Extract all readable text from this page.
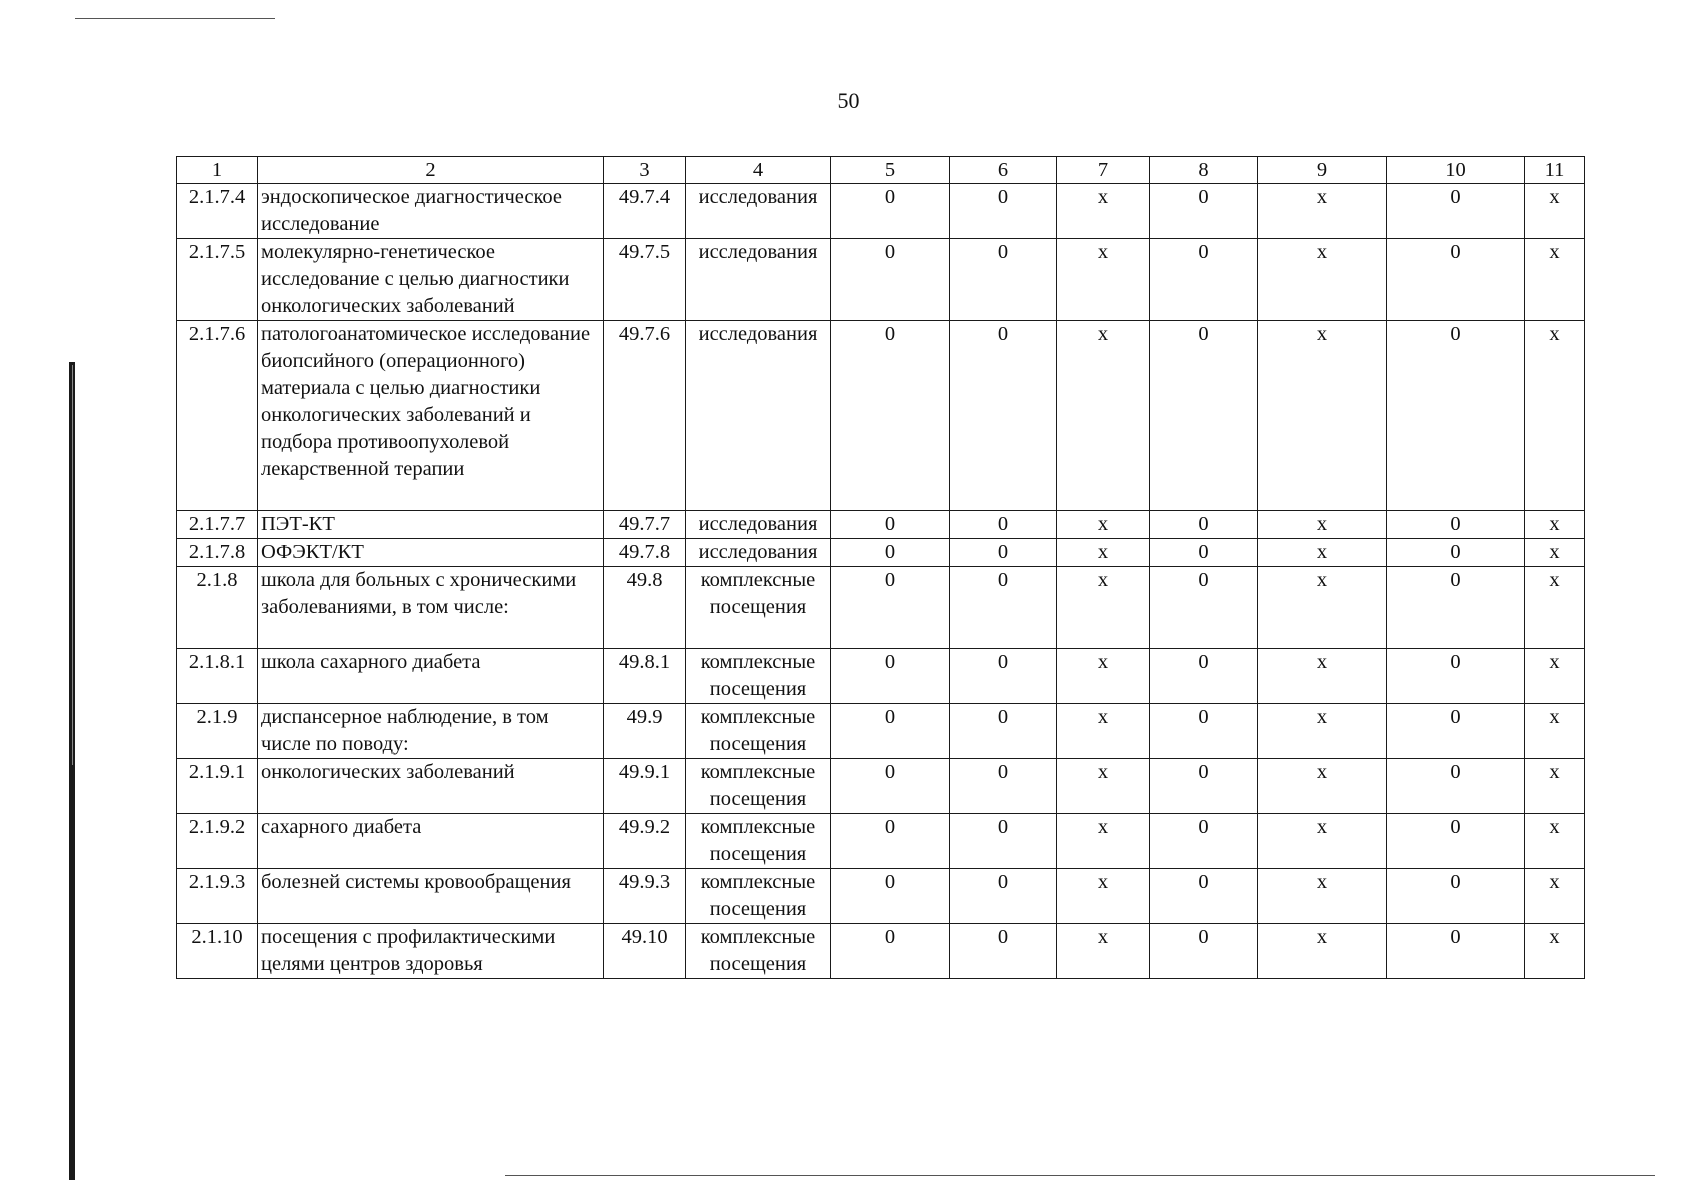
50
1	2	3	4	5	6	7	8	9	10	11
2.1.7.4	эндоскопическое диагностическое исследование	49.7.4	исследования	0	0	х	0	х	0	х
2.1.7.5	молекулярно-генетическое исследование с целью диагностики онкологических заболеваний	49.7.5	исследования	0	0	х	0	х	0	х
2.1.7.6	патологоанатомическое исследование биопсийного (операционного) материала с целью диагностики онкологических заболеваний и подбора противоопухолевой лекарственной терапии	49.7.6	исследования	0	0	х	0	х	0	х
2.1.7.7	ПЭТ-КТ	49.7.7	исследования	0	0	х	0	х	0	х
2.1.7.8	ОФЭКТ/КТ	49.7.8	исследования	0	0	х	0	х	0	х
2.1.8	школа для больных с хроническими заболеваниями, в том числе:	49.8	комплексные посещения	0	0	х	0	х	0	х
2.1.8.1	школа сахарного диабета	49.8.1	комплексные посещения	0	0	х	0	х	0	х
2.1.9	диспансерное наблюдение, в том числе по поводу:	49.9	комплексные посещения	0	0	х	0	х	0	х
2.1.9.1	онкологических заболеваний	49.9.1	комплексные посещения	0	0	х	0	х	0	х
2.1.9.2	сахарного диабета	49.9.2	комплексные посещения	0	0	х	0	х	0	х
2.1.9.3	болезней системы кровообращения	49.9.3	комплексные посещения	0	0	х	0	х	0	х
2.1.10	посещения с профилактическими целями центров здоровья	49.10	комплексные посещения	0	0	х	0	х	0	х
